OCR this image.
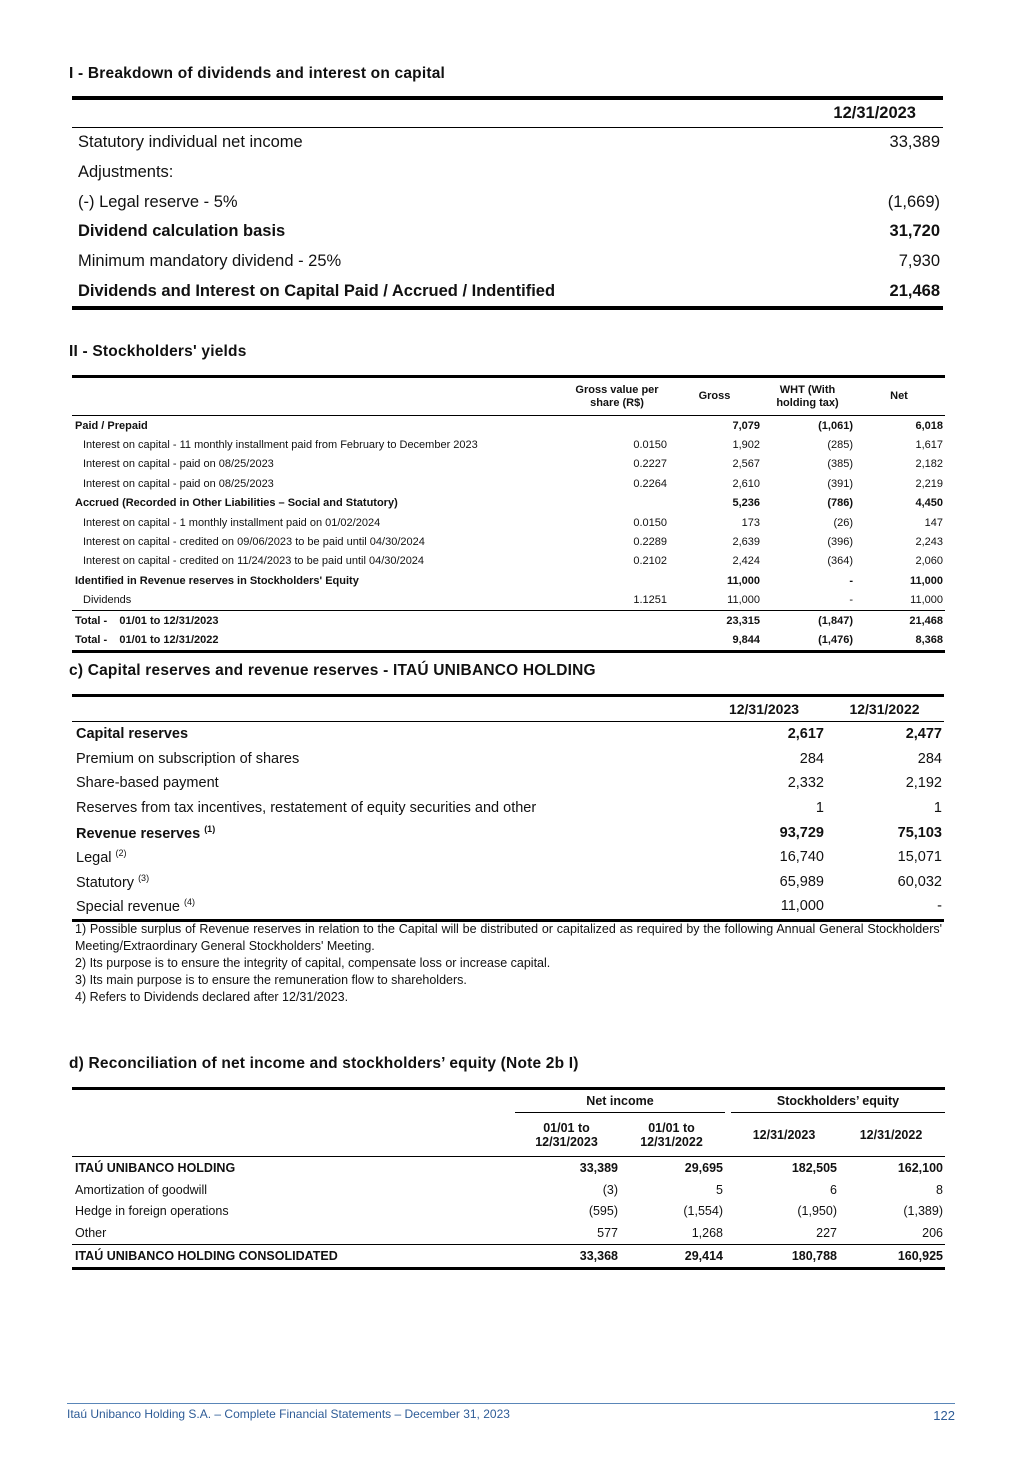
I - Breakdown of dividends and interest on capital
	12/31/2023
Statutory individual net income	33,389
Adjustments:	
(-) Legal reserve - 5%	(1,669)
Dividend calculation basis	31,720
Minimum mandatory dividend - 25%	7,930
Dividends and Interest on Capital Paid / Accrued / Indentified	21,468
II - Stockholders' yields
	Gross value per share (R$)	Gross	WHT (With holding tax)	Net
Paid / Prepaid		7,079	(1,061)	6,018
Interest on capital - 11 monthly installment paid from February to December 2023	0.0150	1,902	(285)	1,617
Interest on capital - paid on 08/25/2023	0.2227	2,567	(385)	2,182
Interest on capital - paid on 08/25/2023	0.2264	2,610	(391)	2,219
Accrued (Recorded in Other Liabilities – Social and Statutory)		5,236	(786)	4,450
Interest on capital - 1 monthly installment paid on 01/02/2024	0.0150	173	(26)	147
Interest on capital - credited on 09/06/2023 to be paid until 04/30/2024	0.2289	2,639	(396)	2,243
Interest on capital - credited on 11/24/2023 to be paid until 04/30/2024	0.2102	2,424	(364)	2,060
Identified in Revenue reserves in Stockholders' Equity		11,000	-	11,000
Dividends	1.1251	11,000	-	11,000
Total -    01/01 to 12/31/2023		23,315	(1,847)	21,468
Total -    01/01 to 12/31/2022		9,844	(1,476)	8,368
c) Capital reserves and revenue reserves - ITAÚ UNIBANCO HOLDING
	12/31/2023	12/31/2022
Capital reserves	2,617	2,477
Premium on subscription of shares	284	284
Share-based payment	2,332	2,192
Reserves from tax incentives, restatement of equity securities and other	1	1
Revenue reserves $^{(1)}$	93,729	75,103
Legal $^{(2)}$	16,740	15,071
Statutory $^{(3)}$	65,989	60,032
Special revenue $^{(4)}$	11,000	-
1) Possible surplus of Revenue reserves in relation to the Capital will be distributed or capitalized as required by the following Annual General Stockholders' Meeting/Extraordinary General Stockholders' Meeting.
2) Its purpose is to ensure the integrity of capital, compensate loss or increase capital.
3) Its main purpose is to ensure the remuneration flow to shareholders.
4) Refers to Dividends declared after 12/31/2023.
d) Reconciliation of net income and stockholders’ equity (Note 2b I)
	Net income			Stockholders’ equity	
	01/01 to 12/31/2023	01/01 to 12/31/2022		12/31/2023	12/31/2022
ITAÚ UNIBANCO HOLDING	33,389	29,695		182,505	162,100
Amortization of goodwill	(3)	5		6	8
Hedge in foreign operations	(595)	(1,554)		(1,950)	(1,389)
Other	577	1,268		227	206
ITAÚ UNIBANCO HOLDING CONSOLIDATED	33,368	29,414		180,788	160,925
Itaú Unibanco Holding S.A. – Complete Financial Statements – December 31, 2023	122
